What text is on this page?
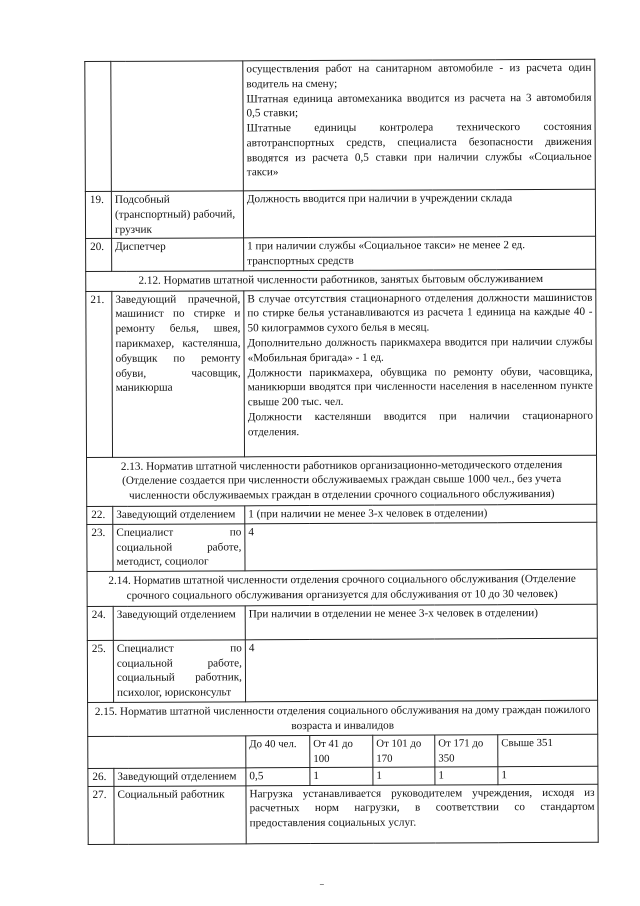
		осуществления работ на санитарном автомобиле - из расчета один водитель на смену;
Штатная единица автомеханика вводится из расчета на 3 автомобиля 0,5 ставки;
Штатные единицы контролера технического состояния автотранспортных средств, специалиста безопасности движения вводятся из расчета 0,5 ставки при наличии службы «Социальное такси»				

19.	Подсобный (транспортный) рабочий, грузчик	Должность вводится при наличии в учреждении склада				
20.	Диспетчер	1 при наличии службы «Социальное такси» не менее 2 ед. транспортных средств				
2.12. Норматив штатной численности работников, занятых бытовым обслуживанием						
21.	Заведующий прачечной, машинист по стирке и ремонту белья, швея, парикмахер, кастелянша, обувщик по ремонту обуви, часовщик, маникюрша	В случае отсутствия стационарного отделения должности машинистов по стирке белья устанавливаются из расчета 1 единица на каждые 40 - 50 килограммов сухого белья в месяц.
Дополнительно должность парикмахера вводится при наличии службы «Мобильная бригада» - 1 ед.
Должности парикмахера, обувщика по ремонту обуви, часовщика, маникюрши вводятся при численности населения в населенном пункте свыше 200 тыс. чел.
Должности кастелянши вводится при наличии стационарного отделения.				

2.13. Норматив штатной численности работников организационно-методического отделения (Отделение создается при численности обслуживаемых граждан свыше 1000 чел., без учета численности обслуживаемых граждан в отделении срочного социального обслуживания)						
22.	Заведующий отделением	1 (при наличии не менее 3-х человек в отделении)				
23.	Специалист по социальной работе, методист, социолог	4				
2.14. Норматив штатной численности отделения срочного социального обслуживания (Отделение срочного социального обслуживания организуется для обслуживания от 10 до 30 человек)						
24.	Заведующий отделением	При наличии в отделении не менее 3-х человек в отделении)				
25.	Специалист по социальной работе, социальный работник, психолог, юрисконсульт	4				
2.15. Норматив штатной численности отделения социального обслуживания на дому граждан пожилого возраста и инвалидов						
		До 40 чел.	От 41 до 100	От 101 до 170	От 171 до 350	Свыше 351
26.	Заведующий отделением	0,5	1	1	1	1
27.	Социальный работник	Нагрузка устанавливается руководителем учреждения, исходя из расчетных норм нагрузки, в соответствии со стандартом предоставления социальных услуг.				
